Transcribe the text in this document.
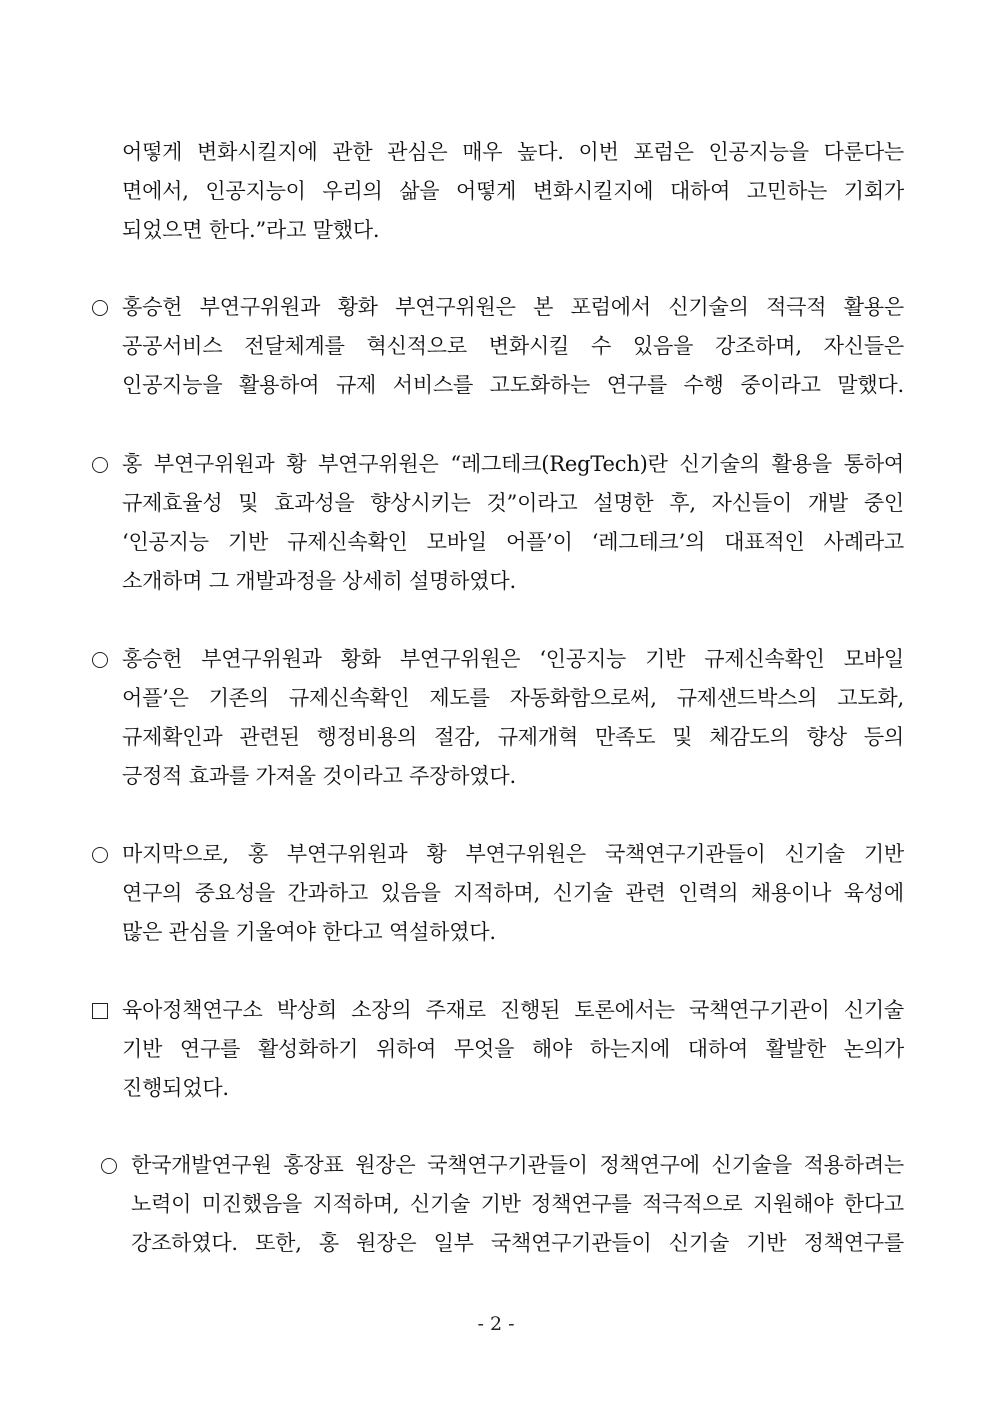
어떻게 변화시킬지에 관한 관심은 매우 높다. 이번 포럼은 인공지능을 다룬다는
면에서, 인공지능이 우리의 삶을 어떻게 변화시킬지에 대하여 고민하는 기회가
되었으면 한다.”라고 말했다.
홍승헌 부연구위원과 황화 부연구위원은 본 포럼에서 신기술의 적극적 활용은
공공서비스 전달체계를 혁신적으로 변화시킬 수 있음을 강조하며, 자신들은
인공지능을 활용하여 규제 서비스를 고도화하는 연구를 수행 중이라고 말했다.
홍 부연구위원과 황 부연구위원은 “레그테크(RegTech)란 신기술의 활용을 통하여
규제효율성 및 효과성을 향상시키는 것”이라고 설명한 후, 자신들이 개발 중인
‘인공지능 기반 규제신속확인 모바일 어플’이 ‘레그테크’의 대표적인 사례라고
소개하며 그 개발과정을 상세히 설명하였다.
홍승헌 부연구위원과 황화 부연구위원은 ‘인공지능 기반 규제신속확인 모바일
어플’은 기존의 규제신속확인 제도를 자동화함으로써, 규제샌드박스의 고도화,
규제확인과 관련된 행정비용의 절감, 규제개혁 만족도 및 체감도의 향상 등의
긍정적 효과를 가져올 것이라고 주장하였다.
마지막으로, 홍 부연구위원과 황 부연구위원은 국책연구기관들이 신기술 기반
연구의 중요성을 간과하고 있음을 지적하며, 신기술 관련 인력의 채용이나 육성에
많은 관심을 기울여야 한다고 역설하였다.
육아정책연구소 박상희 소장의 주재로 진행된 토론에서는 국책연구기관이 신기술
기반 연구를 활성화하기 위하여 무엇을 해야 하는지에 대하여 활발한 논의가
진행되었다.
한국개발연구원 홍장표 원장은 국책연구기관들이 정책연구에 신기술을 적용하려는
노력이 미진했음을 지적하며, 신기술 기반 정책연구를 적극적으로 지원해야 한다고
강조하였다. 또한, 홍 원장은 일부 국책연구기관들이 신기술 기반 정책연구를
- 2 -
